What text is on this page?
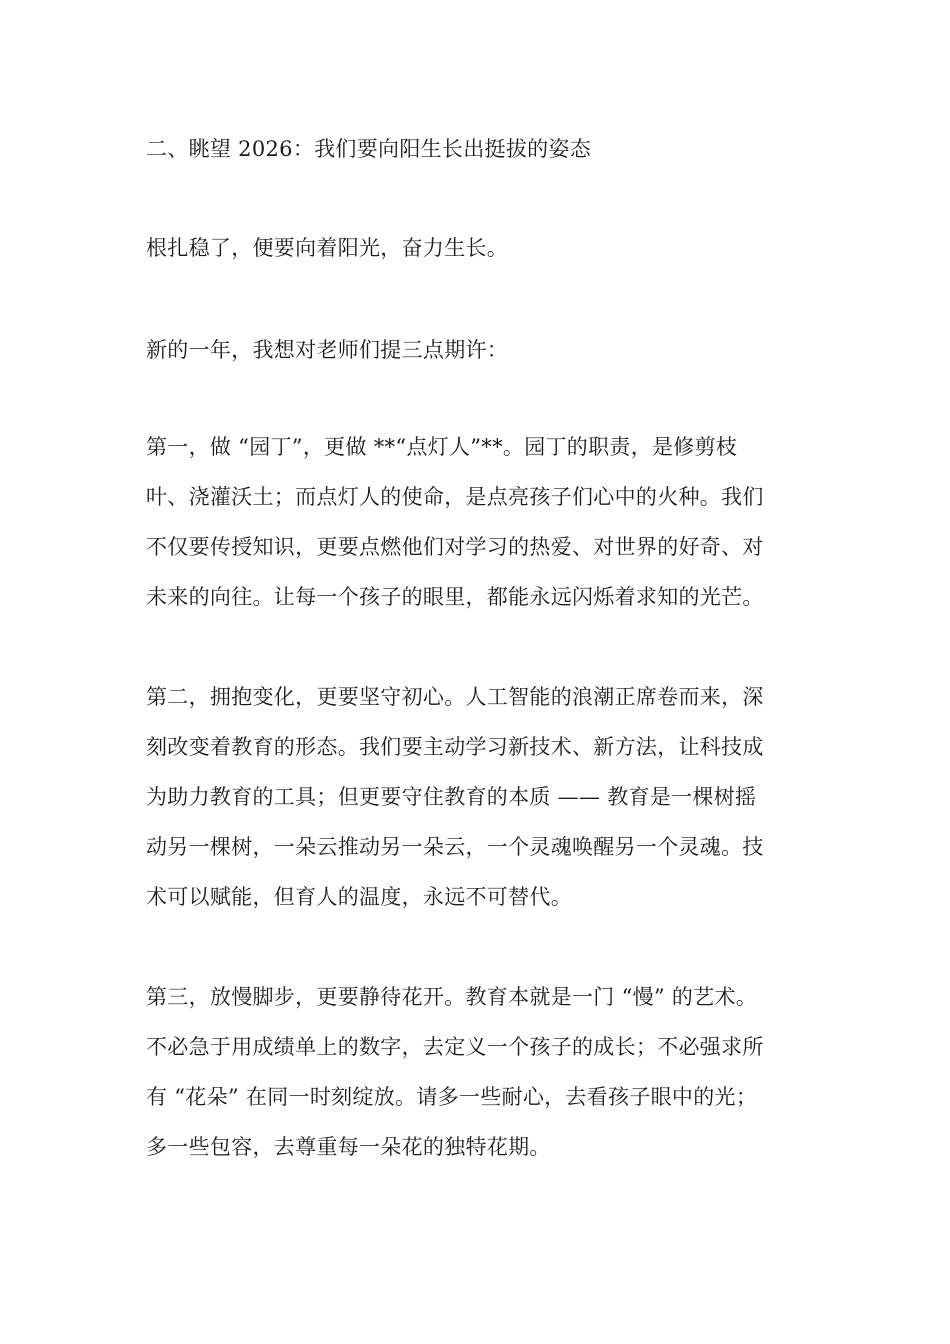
二、眺望 2026：我们要向阳生长出挺拔的姿态
根扎稳了，便要向着阳光，奋力生长。
新的一年，我想对老师们提三点期许：
第一，做 “园丁”，更做 **“点灯人”**。园丁的职责，是修剪枝
叶、浇灌沃土；而点灯人的使命，是点亮孩子们心中的火种。我们
不仅要传授知识，更要点燃他们对学习的热爱、对世界的好奇、对
未来的向往。让每一个孩子的眼里，都能永远闪烁着求知的光芒。
第二，拥抱变化，更要坚守初心。人工智能的浪潮正席卷而来，深
刻改变着教育的形态。我们要主动学习新技术、新方法，让科技成
为助力教育的工具；但更要守住教育的本质 —— 教育是一棵树摇
动另一棵树，一朵云推动另一朵云，一个灵魂唤醒另一个灵魂。技
术可以赋能，但育人的温度，永远不可替代。
第三，放慢脚步，更要静待花开。教育本就是一门 “慢” 的艺术。
不必急于用成绩单上的数字，去定义一个孩子的成长；不必强求所
有 “花朵” 在同一时刻绽放。请多一些耐心，去看孩子眼中的光；
多一些包容，去尊重每一朵花的独特花期。
